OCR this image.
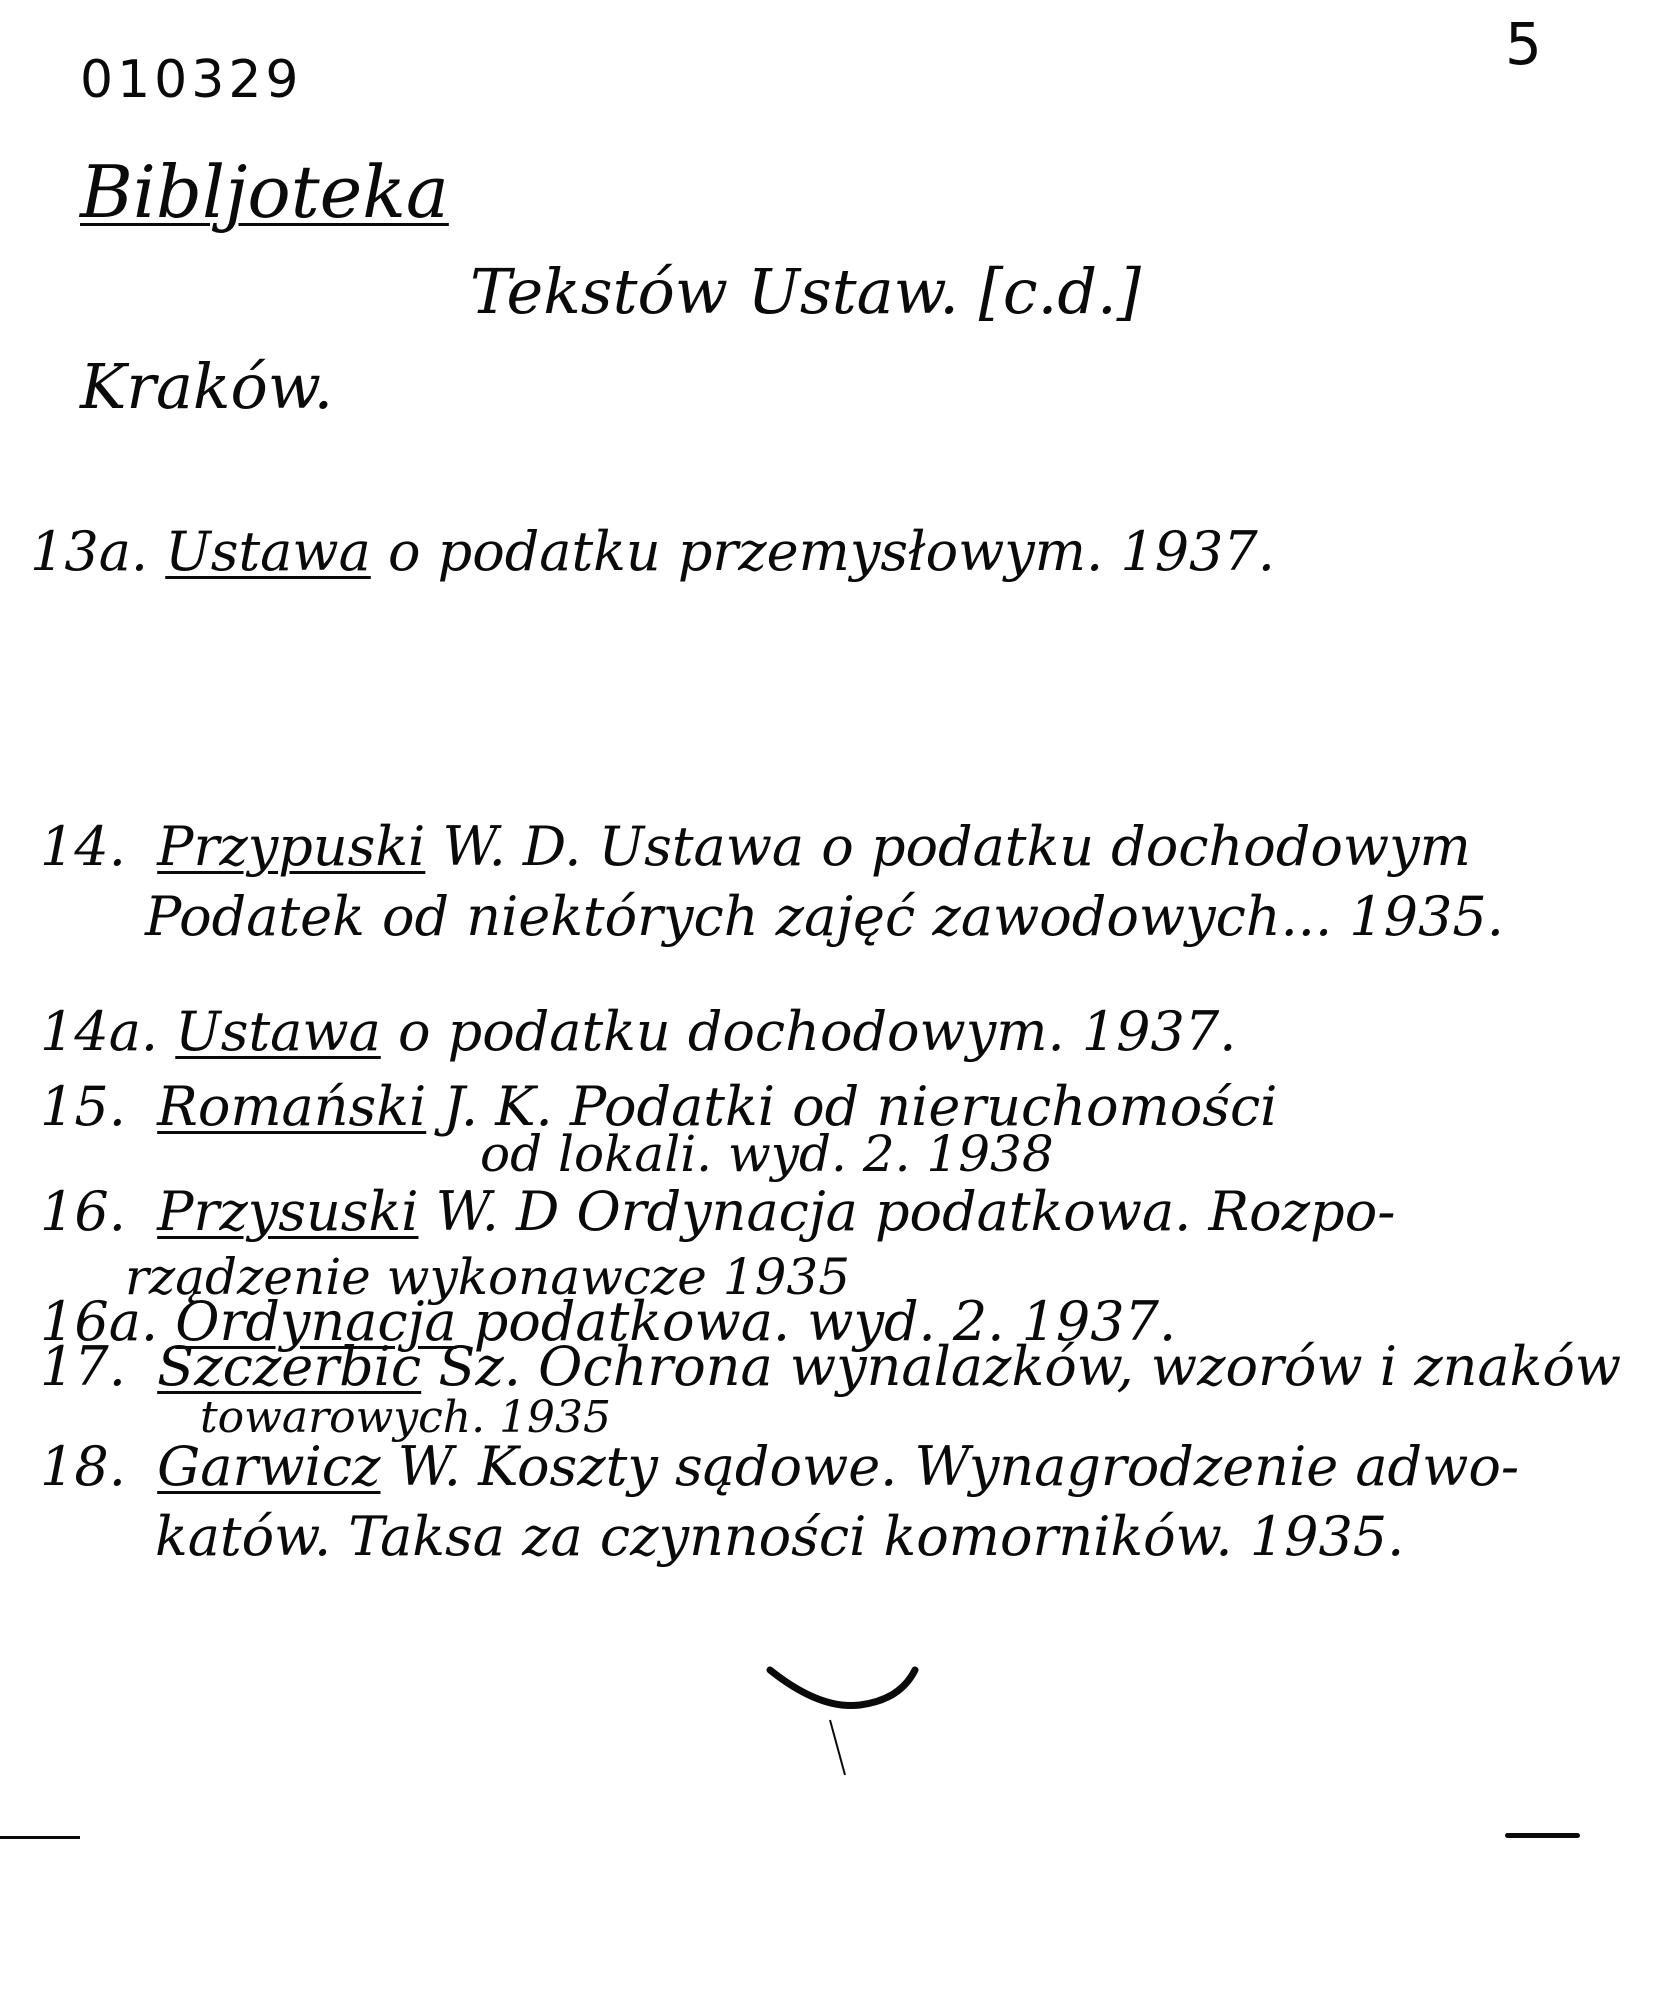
010329
5
Bibljoteka
Tekstów Ustaw. [c.d.]
Kraków.
13a. Ustawa o podatku przemysłowym. 1937.
14. Przypuski W. D. Ustawa o podatku dochodowym
Podatek od niektórych zajęć zawodowych... 1935.
14a. Ustawa o podatku dochodowym. 1937.
15. Romański J. K. Podatki od nieruchomości
od lokali. wyd. 2. 1938
16. Przysuski W. D Ordynacja podatkowa. Rozpo-
rządzenie wykonawcze 1935
16a. Ordynacja podatkowa. wyd. 2. 1937.
17. Szczerbic Sz. Ochrona wynalazków, wzorów i znaków
towarowych. 1935
18. Garwicz W. Koszty sądowe. Wynagrodzenie adwo-
katów. Taksa za czynności komorników. 1935.
